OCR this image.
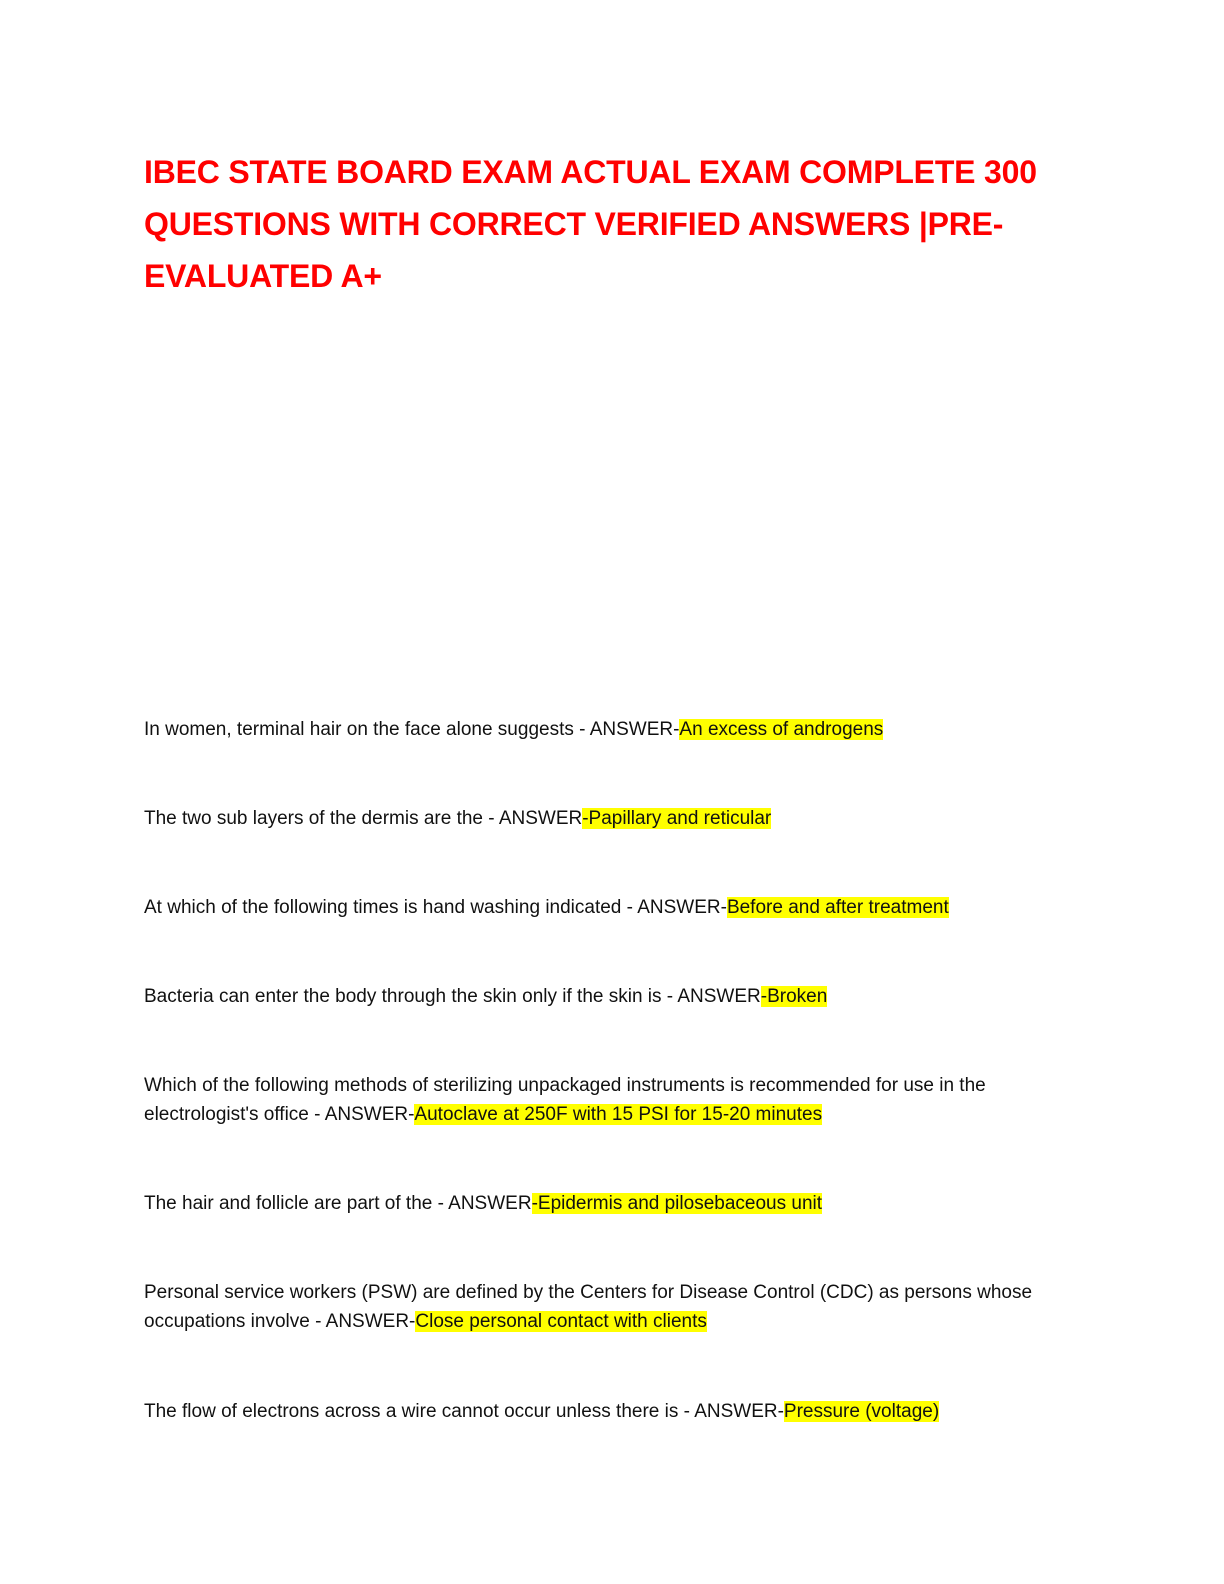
IBEC STATE BOARD EXAM ACTUAL EXAM COMPLETE 300 QUESTIONS WITH CORRECT VERIFIED ANSWERS |PRE-EVALUATED A+

In women, terminal hair on the face alone suggests - ANSWER-An excess of androgens

The two sub layers of the dermis are the - ANSWER-Papillary and reticular

At which of the following times is hand washing indicated - ANSWER-Before and after treatment

Bacteria can enter the body through the skin only if the skin is - ANSWER-Broken

Which of the following methods of sterilizing unpackaged instruments is recommended for use in the electrologist's office - ANSWER-Autoclave at 250F with 15 PSI for 15-20 minutes

The hair and follicle are part of the - ANSWER-Epidermis and pilosebaceous unit

Personal service workers (PSW) are defined by the Centers for Disease Control (CDC) as persons whose occupations involve - ANSWER-Close personal contact with clients

The flow of electrons across a wire cannot occur unless there is - ANSWER-Pressure (voltage)
